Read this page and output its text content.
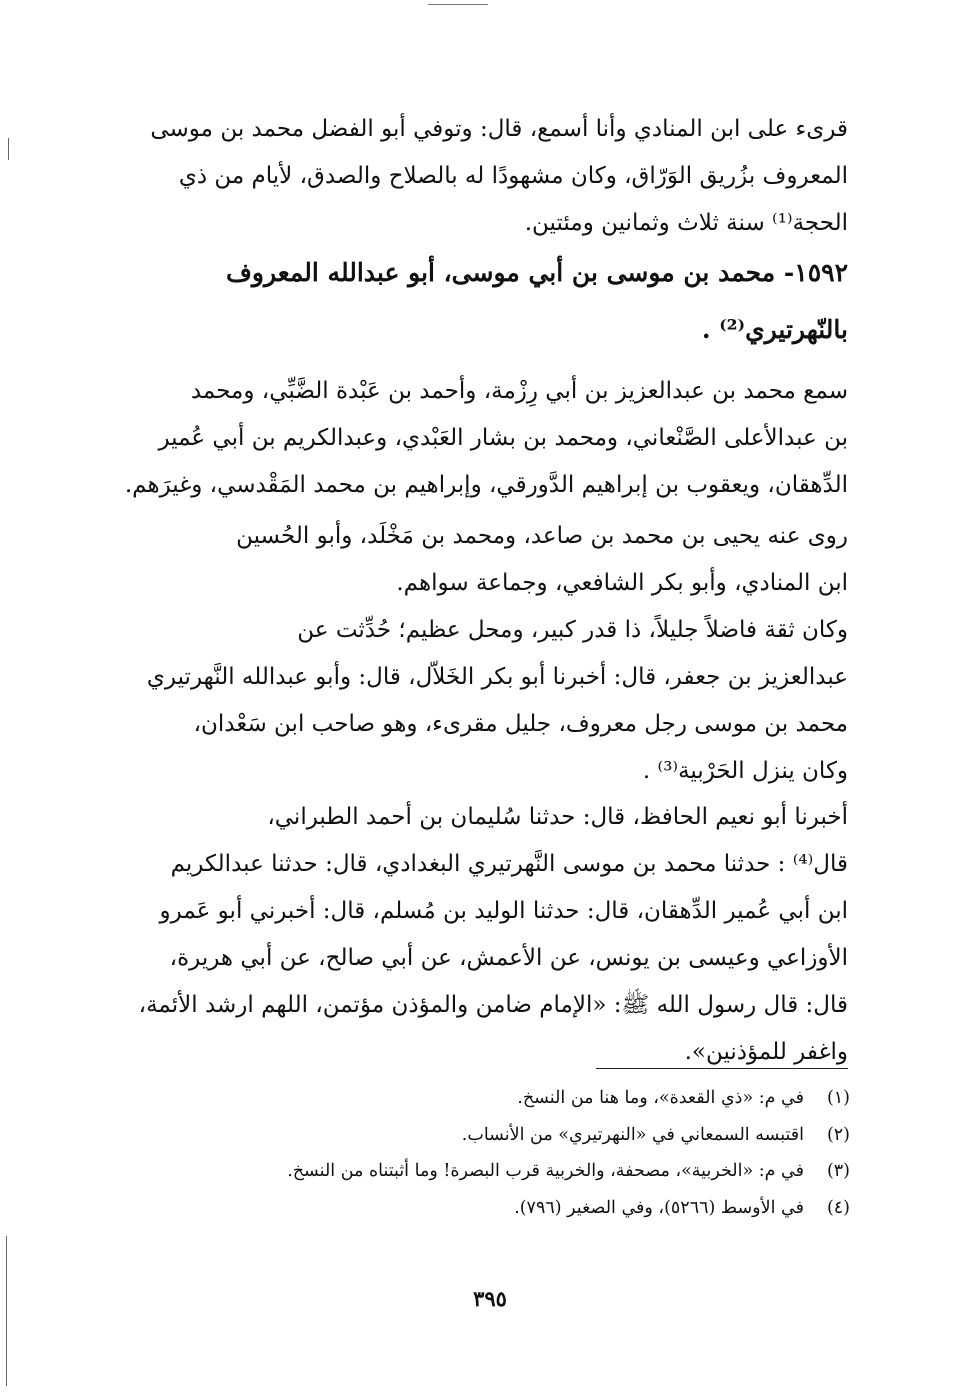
قرىء على ابن المنادي وأنا أسمع، قال: وتوفي أبو الفضل محمد بن موسى
المعروف بزُريق الوَرّاق، وكان مشهودًا له بالصلاح والصدق، لأيام من ذي
الحجة⁽¹⁾ سنة ثلاث وثمانين ومئتين.
١٥٩٢- محمد بن موسى بن أبي موسى، أبو عبدالله المعروف
بالنّهرتيري⁽²⁾ .
سمع محمد بن عبدالعزيز بن أبي رِزْمة، وأحمد بن عَبْدة الضَّبِّي، ومحمد
بن عبدالأعلى الصَّنْعاني، ومحمد بن بشار العَبْدي، وعبدالكريم بن أبي عُمير
الدِّهقان، ويعقوب بن إبراهيم الدَّورقي، وإبراهيم بن محمد المَقْدسي، وغيرَهم.
روى عنه يحيى بن محمد بن صاعد، ومحمد بن مَخْلَد، وأبو الحُسين
ابن المنادي، وأبو بكر الشافعي، وجماعة سواهم.
وكان ثقة فاضلاً جليلاً، ذا قدر كبير، ومحل عظيم؛ حُدِّثت عن
عبدالعزيز بن جعفر، قال: أخبرنا أبو بكر الخَلاّل، قال: وأبو عبدالله النَّهرتيري
محمد بن موسى رجل معروف، جليل مقرىء، وهو صاحب ابن سَعْدان،
وكان ينزل الحَرْبية⁽³⁾ .
أخبرنا أبو نعيم الحافظ، قال: حدثنا سُليمان بن أحمد الطبراني،
قال⁽⁴⁾ : حدثنا محمد بن موسى النَّهرتيري البغدادي، قال: حدثنا عبدالكريم
ابن أبي عُمير الدِّهقان، قال: حدثنا الوليد بن مُسلم، قال: أخبرني أبو عَمرو
الأوزاعي وعيسى بن يونس، عن الأعمش، عن أبي صالح، عن أبي هريرة،
قال: قال رسول الله ﷺ: «الإمام ضامن والمؤذن مؤتمن، اللهم ارشد الأئمة،
واغفر للمؤذنين».
(١)
في م: «ذي القعدة»، وما هنا من النسخ.
(٢)
اقتبسه السمعاني في «النهرتيري» من الأنساب.
(٣)
في م: «الخربية»، مصحفة، والخربية قرب البصرة! وما أثبتناه من النسخ.
(٤)
في الأوسط (٥٢٦٦)، وفي الصغير (٧٩٦).
٣٩٥
